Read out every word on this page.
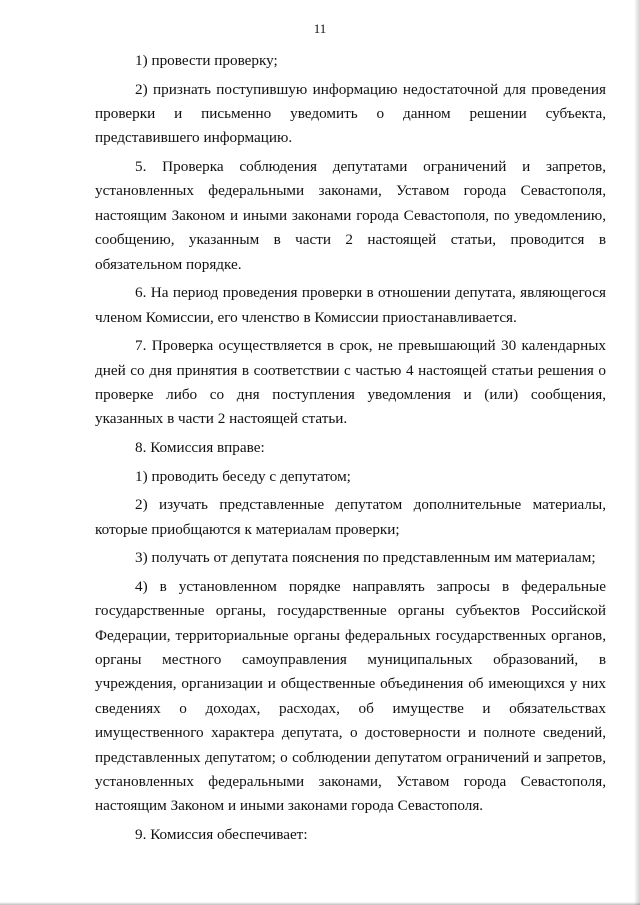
11

1) провести проверку;

2) признать поступившую информацию недостаточной для проведения проверки и письменно уведомить о данном решении субъекта, представившего информацию.

5. Проверка соблюдения депутатами ограничений и запретов, установленных федеральными законами, Уставом города Севастополя, настоящим Законом и иными законами города Севастополя, по уведомлению, сообщению, указанным в части 2 настоящей статьи, проводится в обязательном порядке.

6. На период проведения проверки в отношении депутата, являющегося членом Комиссии, его членство в Комиссии приостанавливается.

7. Проверка осуществляется в срок, не превышающий 30 календарных дней со дня принятия в соответствии с частью 4 настоящей статьи решения о проверке либо со дня поступления уведомления и (или) сообщения, указанных в части 2 настоящей статьи.

8. Комиссия вправе:

1) проводить беседу с депутатом;

2) изучать представленные депутатом дополнительные материалы, которые приобщаются к материалам проверки;

3) получать от депутата пояснения по представленным им материалам;

4) в установленном порядке направлять запросы в федеральные государственные органы, государственные органы субъектов Российской Федерации, территориальные органы федеральных государственных органов, органы местного самоуправления муниципальных образований, в учреждения, организации и общественные объединения об имеющихся у них сведениях о доходах, расходах, об имуществе и обязательствах имущественного характера депутата, о достоверности и полноте сведений, представленных депутатом; о соблюдении депутатом ограничений и запретов, установленных федеральными законами, Уставом города Севастополя, настоящим Законом и иными законами города Севастополя.

9. Комиссия обеспечивает:
